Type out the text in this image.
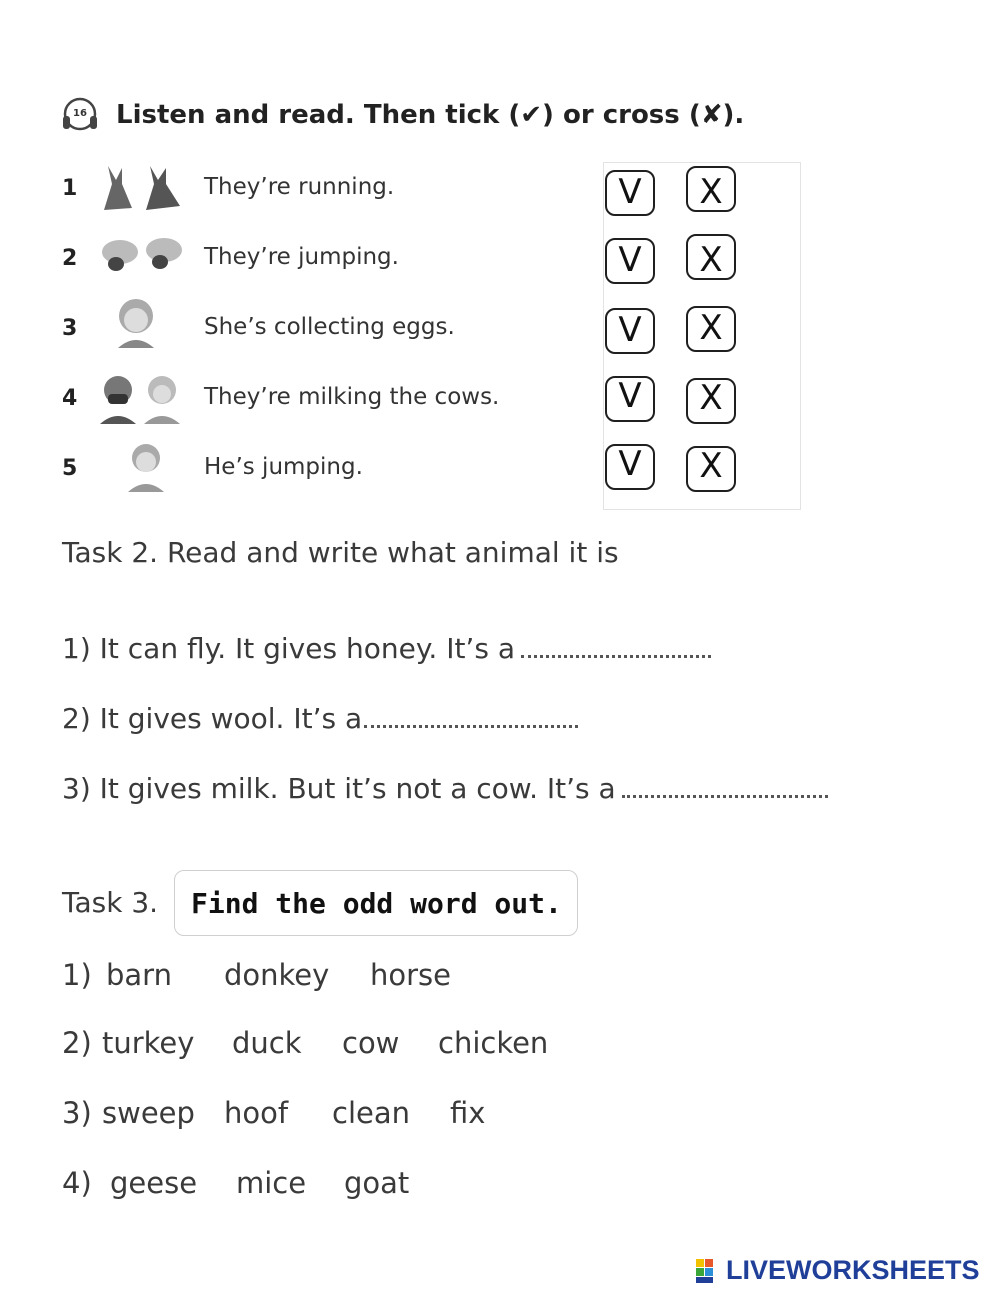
16 Listen and read. Then tick (✔) or cross (✘).
1	They’re running.	V	X
2	They’re jumping.	V	X
3	She’s collecting eggs.	V	X
4	They’re milking the cows.	V	X
5	He’s jumping.	V	X
Task 2. Read and write what animal it is
1) It can fly. It gives honey. It’s a
2) It gives wool. It’s a
3) It gives milk. But it’s not a cow. It’s a
Task 3.	Find the odd word out.
1) barn donkey horse
2) turkey duck cow chicken
3) sweep hoof clean fix
4) geese mice goat
LIVEWORKSHEETS
